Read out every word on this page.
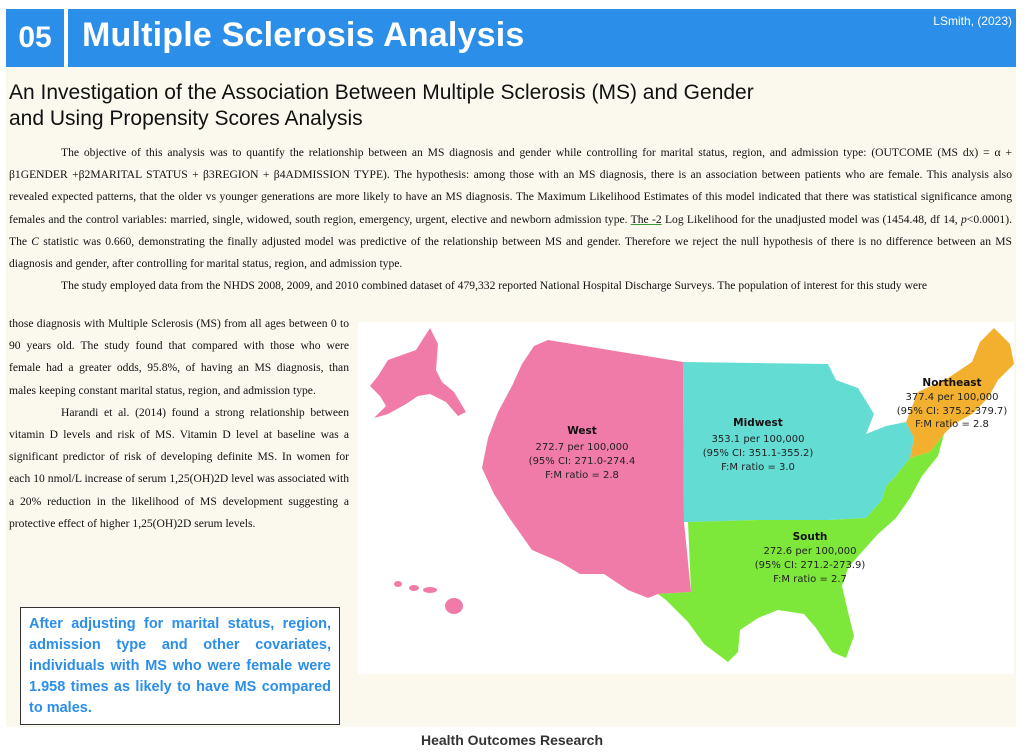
05 Multiple Sclerosis Analysis	LSmith, (2023)
An Investigation of the Association Between Multiple Sclerosis (MS) and Gender and Using Propensity Scores Analysis

The objective of this analysis was to quantify the relationship between an MS diagnosis and gender while controlling for marital status, region, and admission type: (OUTCOME (MS dx) = α + β1GENDER +β2MARITAL STATUS + β3REGION + β4ADMISSION TYPE). The hypothesis: among those with an MS diagnosis, there is an association between patients who are female. This analysis also revealed expected patterns, that the older vs younger generations are more likely to have an MS diagnosis. The Maximum Likelihood Estimates of this model indicated that there was statistical significance among females and the control variables: married, single, widowed, south region, emergency, urgent, elective and newborn admission type. The -2 Log Likelihood for the unadjusted model was (1454.48, df 14, p<0.0001). The C statistic was 0.660, demonstrating the finally adjusted model was predictive of the relationship between MS and gender. Therefore we reject the null hypothesis of there is no difference between an MS diagnosis and gender, after controlling for marital status, region, and admission type.

The study employed data from the NHDS 2008, 2009, and 2010 combined dataset of 479,332 reported National Hospital Discharge Surveys. The population of interest for this study were

those diagnosis with Multiple Sclerosis (MS) from all ages between 0 to 90 years old. The study found that compared with those who were female had a greater odds, 95.8%, of having an MS diagnosis, than males keeping constant marital status, region, and admission type.

Harandi et al. (2014) found a strong relationship between vitamin D levels and risk of MS. Vitamin D level at baseline was a significant predictor of risk of developing definite MS. In women for each 10 nmol/L increase of serum 1,25(OH)2D level was associated with a 20% reduction in the likelihood of MS development suggesting a protective effect of higher 1,25(OH)2D serum levels.

West
272.7 per 100,000
(95% CI: 271.0-274.4
F:M ratio = 2.8
Midwest
353.1 per 100,000
(95% CI: 351.1-355.2)
F:M ratio = 3.0
Northeast
377.4 per 100,000
(95% CI: 375.2-379.7)
F:M ratio = 2.8
South
272.6 per 100,000
(95% CI: 271.2-273.9)
F:M ratio = 2.7
After adjusting for marital status, region, admission type and other covariates, individuals with MS who were female were 1.958 times as likely to have MS compared to males.
Health Outcomes Research
